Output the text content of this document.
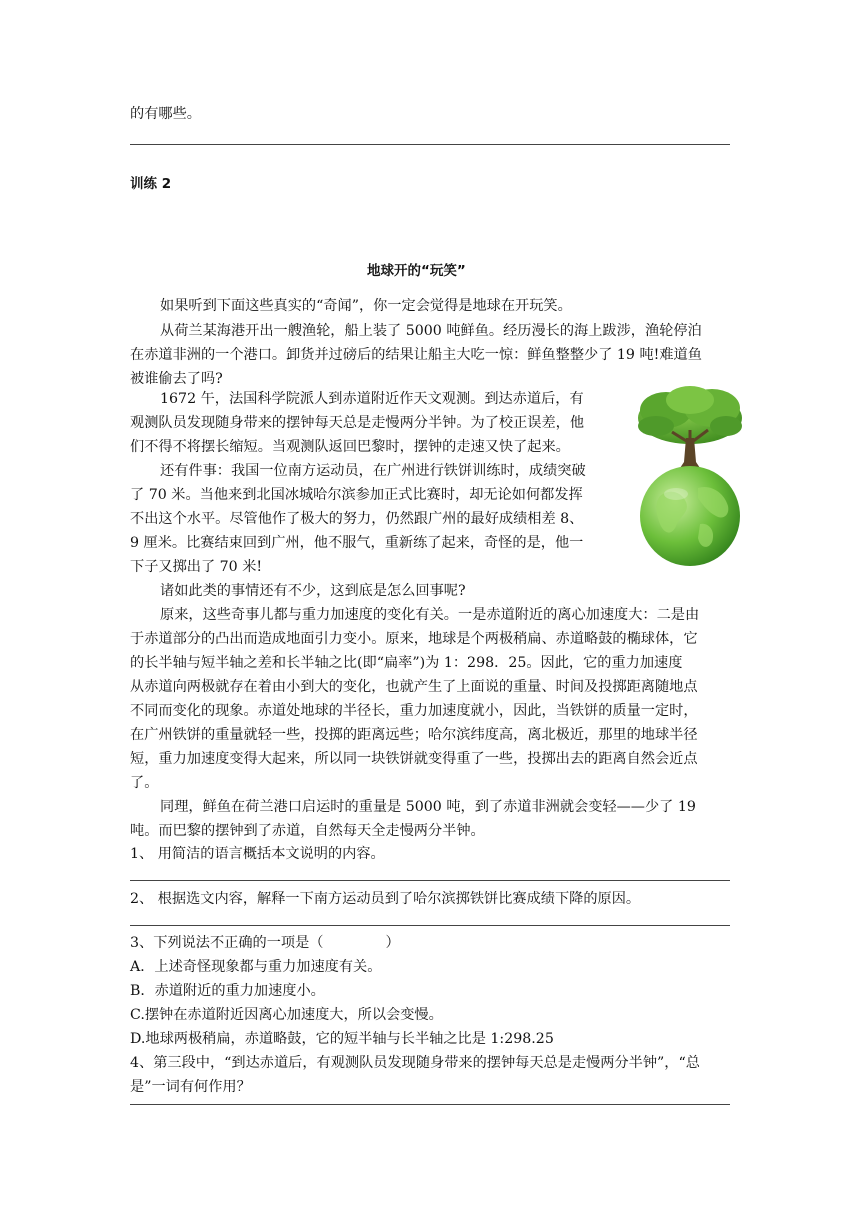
的有哪些。
训练 2
地球开的“玩笑”
如果听到下面这些真实的“奇闻”，你一定会觉得是地球在开玩笑。
从荷兰某海港开出一艘渔轮，船上装了 5000 吨鲜鱼。经历漫长的海上跋涉，渔轮停泊
在赤道非洲的一个港口。卸货并过磅后的结果让船主大吃一惊：鲜鱼整整少了 19 吨!难道鱼
被谁偷去了吗?
1672 午，法国科学院派人到赤道附近作天文观测。到达赤道后，有
观测队员发现随身带来的摆钟每天总是走慢两分半钟。为了校正误差，他
们不得不将摆长缩短。当观测队返回巴黎时，摆钟的走速又快了起来。
还有件事：我国一位南方运动员，在广州进行铁饼训练时，成绩突破
了 70 米。当他来到北国冰城哈尔滨参加正式比赛时，却无论如何都发挥
不出这个水平。尽管他作了极大的努力，仍然跟广州的最好成绩相差 8、
9 厘米。比赛结束回到广州，他不服气，重新练了起来，奇怪的是，他一
下子又掷出了 70 米!
诸如此类的事情还有不少，这到底是怎么回事呢?
原来，这些奇事儿都与重力加速度的变化有关。一是赤道附近的离心加速度大：二是由
于赤道部分的凸出而造成地面引力变小。原来，地球是个两极稍扁、赤道略鼓的椭球体，它
的长半轴与短半轴之差和长半轴之比(即“扁率”)为 1：298．25。因此，它的重力加速度
从赤道向两极就存在着由小到大的变化，也就产生了上面说的重量、时间及投掷距离随地点
不同而变化的现象。赤道处地球的半径长，重力加速度就小，因此，当铁饼的质量一定时，
在广州铁饼的重量就轻一些，投掷的距离远些；哈尔滨纬度高，离北极近，那里的地球半径
短，重力加速度变得大起来，所以同一块铁饼就变得重了一些，投掷出去的距离自然会近点
了。
同理，鲜鱼在荷兰港口启运时的重量是 5000 吨，到了赤道非洲就会变轻——少了 19
吨。而巴黎的摆钟到了赤道，自然每天全走慢两分半钟。
1、 用简洁的语言概括本文说明的内容。
2、 根据选文内容，解释一下南方运动员到了哈尔滨掷铁饼比赛成绩下降的原因。
3、下列说法不正确的一项是（	）
A．上述奇怪现象都与重力加速度有关。
B．赤道附近的重力加速度小。
C.摆钟在赤道附近因离心加速度大，所以会变慢。
D.地球两极稍扁，赤道略鼓，它的短半轴与长半轴之比是 1:298.25
4、第三段中，“到达赤道后，有观测队员发现随身带来的摆钟每天总是走慢两分半钟”，“总
是”一词有何作用？
